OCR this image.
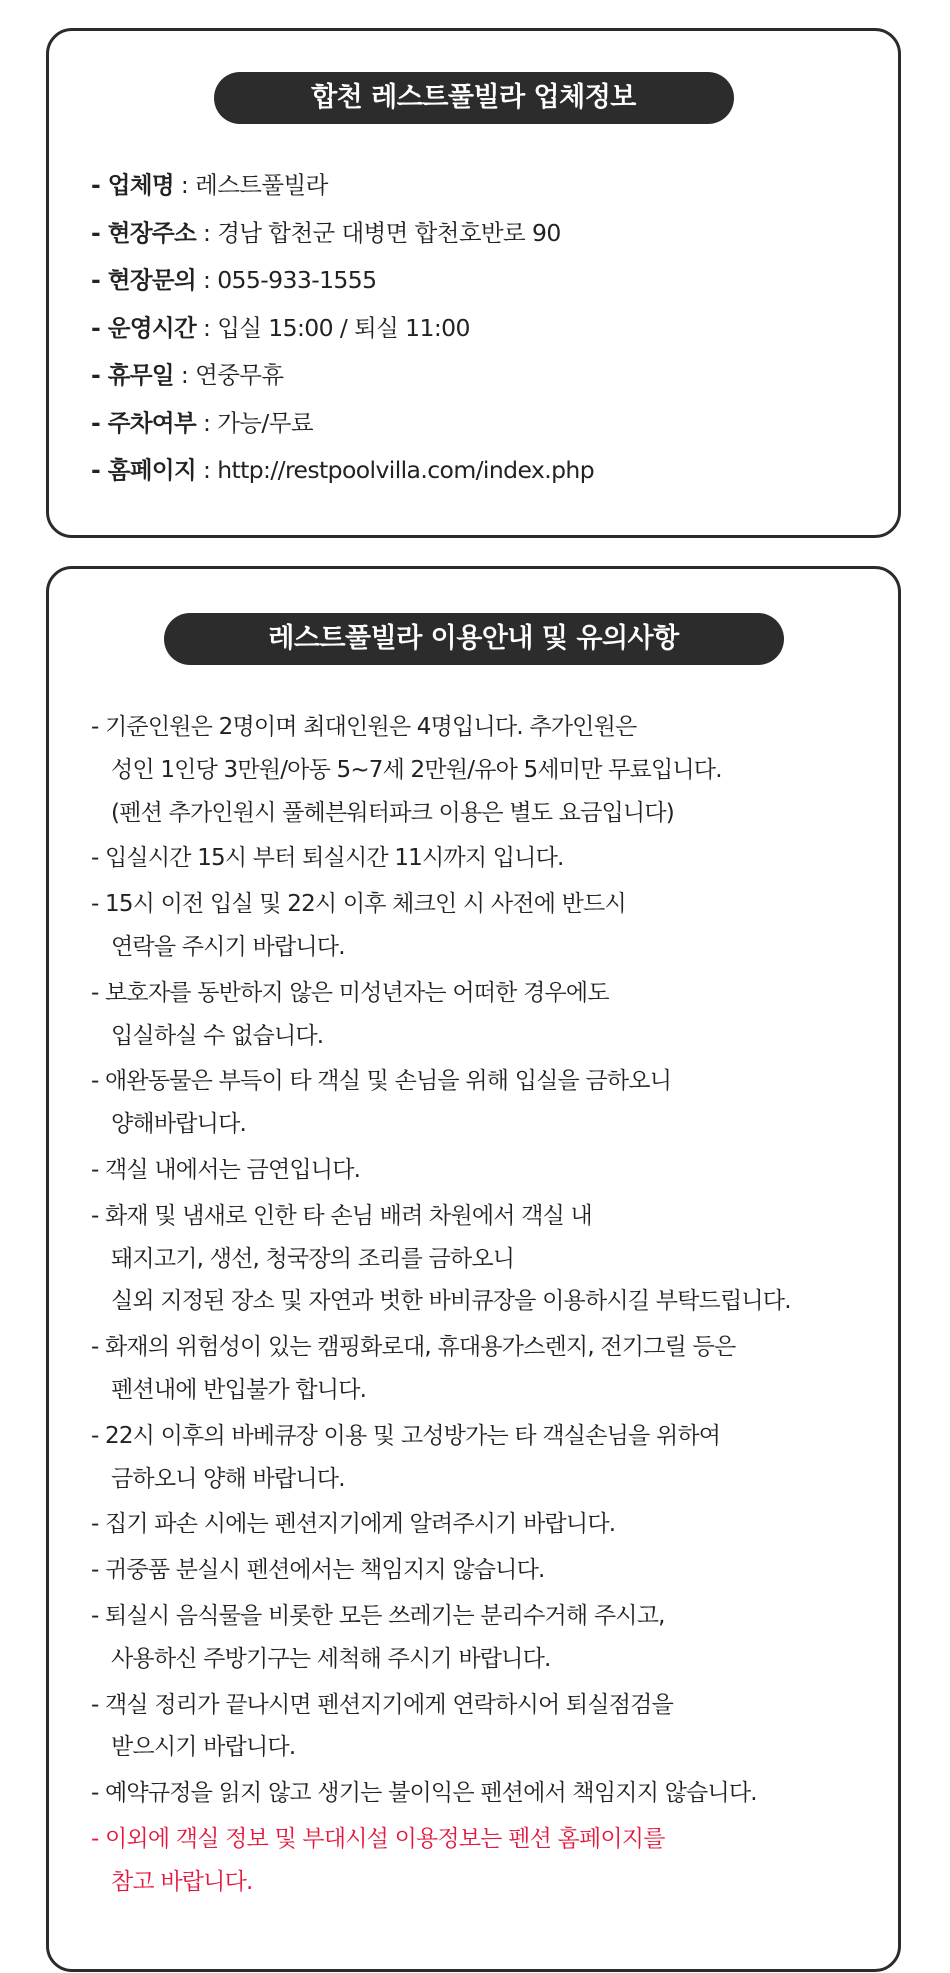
합천 레스트풀빌라 업체정보
- 업체명 : 레스트풀빌라
- 현장주소 : 경남 합천군 대병면 합천호반로 90
- 현장문의 : 055-933-1555
- 운영시간 : 입실 15:00 / 퇴실 11:00
- 휴무일 : 연중무휴
- 주차여부 : 가능/무료
- 홈페이지 : http://restpoolvilla.com/index.php
레스트풀빌라 이용안내 및 유의사항
- 기준인원은 2명이며 최대인원은 4명입니다. 추가인원은
성인 1인당 3만원/아동 5~7세 2만원/유아 5세미만 무료입니다.
(펜션 추가인원시 풀헤븐워터파크 이용은 별도 요금입니다)
- 입실시간 15시 부터 퇴실시간 11시까지 입니다.
- 15시 이전 입실 및 22시 이후 체크인 시 사전에 반드시
연락을 주시기 바랍니다.
- 보호자를 동반하지 않은 미성년자는 어떠한 경우에도
입실하실 수 없습니다.
- 애완동물은 부득이 타 객실 및 손님을 위해 입실을 금하오니
양해바랍니다.
- 객실 내에서는 금연입니다.
- 화재 및 냄새로 인한 타 손님 배려 차원에서 객실 내
돼지고기, 생선, 청국장의 조리를 금하오니
실외 지정된 장소 및 자연과 벗한 바비큐장을 이용하시길 부탁드립니다.
- 화재의 위험성이 있는 캠핑화로대, 휴대용가스렌지, 전기그릴 등은
펜션내에 반입불가 합니다.
- 22시 이후의 바베큐장 이용 및 고성방가는 타 객실손님을 위하여
금하오니 양해 바랍니다.
- 집기 파손 시에는 펜션지기에게 알려주시기 바랍니다.
- 귀중품 분실시 펜션에서는 책임지지 않습니다.
- 퇴실시 음식물을 비롯한 모든 쓰레기는 분리수거해 주시고,
사용하신 주방기구는 세척해 주시기 바랍니다.
- 객실 정리가 끝나시면 펜션지기에게 연락하시어 퇴실점검을
받으시기 바랍니다.
- 예약규정을 읽지 않고 생기는 불이익은 펜션에서 책임지지 않습니다.
- 이외에 객실 정보 및 부대시설 이용정보는 펜션 홈페이지를
참고 바랍니다.
